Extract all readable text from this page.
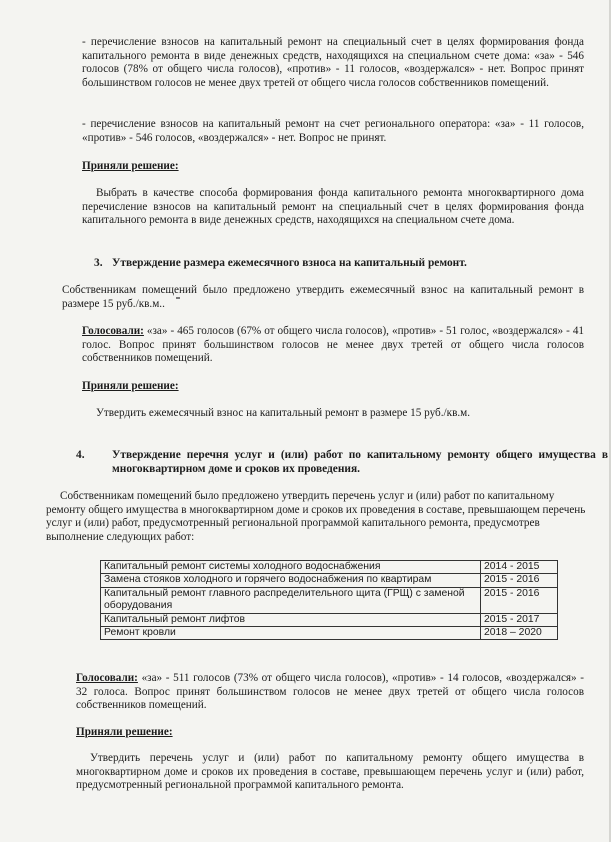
- перечисление взносов на капитальный ремонт на специальный счет в целях формирования фонда капитального ремонта в виде денежных средств, находящихся на специальном счете дома: «за» - 546 голосов (78% от общего числа голосов), «против» - 11 голосов, «воздержался» - нет. Вопрос принят большинством голосов не менее двух третей от общего числа голосов собственников помещений.

- перечисление взносов на капитальный ремонт на счет регионального оператора: «за» - 11 голосов, «против» - 546 голосов, «воздержался» - нет. Вопрос не принят.

Приняли решение:

Выбрать в качестве способа формирования фонда капитального ремонта многоквартирного дома перечисление взносов на капитальный ремонт на специальный счет в целях формирования фонда капитального ремонта в виде денежных средств, находящихся на специальном счете дома.

3. Утверждение размера ежемесячного взноса на капитальный ремонт.

Собственникам помещений было предложено утвердить ежемесячный взнос на капитальный ремонт в размере 15 руб./кв.м..

Голосовали: «за» - 465 голосов (67% от общего числа голосов), «против» - 51 голос, «воздержался» - 41 голос. Вопрос принят большинством голосов не менее двух третей от общего числа голосов собственников помещений.

Приняли решение:

Утвердить ежемесячный взнос на капитальный ремонт в размере 15 руб./кв.м.

4. Утверждение перечня услуг и (или) работ по капитальному ремонту общего имущества в многоквартирном доме и сроков их проведения.

Собственникам помещений было предложено утвердить перечень услуг и (или) работ по капитальному ремонту общего имущества в многоквартирном доме и сроков их проведения в составе, превышающем перечень услуг и (или) работ, предусмотренный региональной программой капитального ремонта, предусмотрев выполнение следующих работ:

Капитальный ремонт системы холодного водоснабжения	2014 - 2015
Замена стояков холодного и горячего водоснабжения по квартирам	2015 - 2016
Капитальный ремонт главного распределительного щита (ГРЩ) с заменой оборудования	2015 - 2016
Капитальный ремонт лифтов	2015 - 2017
Ремонт кровли	2018 – 2020

Голосовали: «за» - 511 голосов (73% от общего числа голосов), «против» - 14 голосов, «воздержался» - 32 голоса. Вопрос принят большинством голосов не менее двух третей от общего числа голосов собственников помещений.

Приняли решение:

Утвердить перечень услуг и (или) работ по капитальному ремонту общего имущества в многоквартирном доме и сроков их проведения в составе, превышающем перечень услуг и (или) работ, предусмотренный региональной программой капитального ремонта.
